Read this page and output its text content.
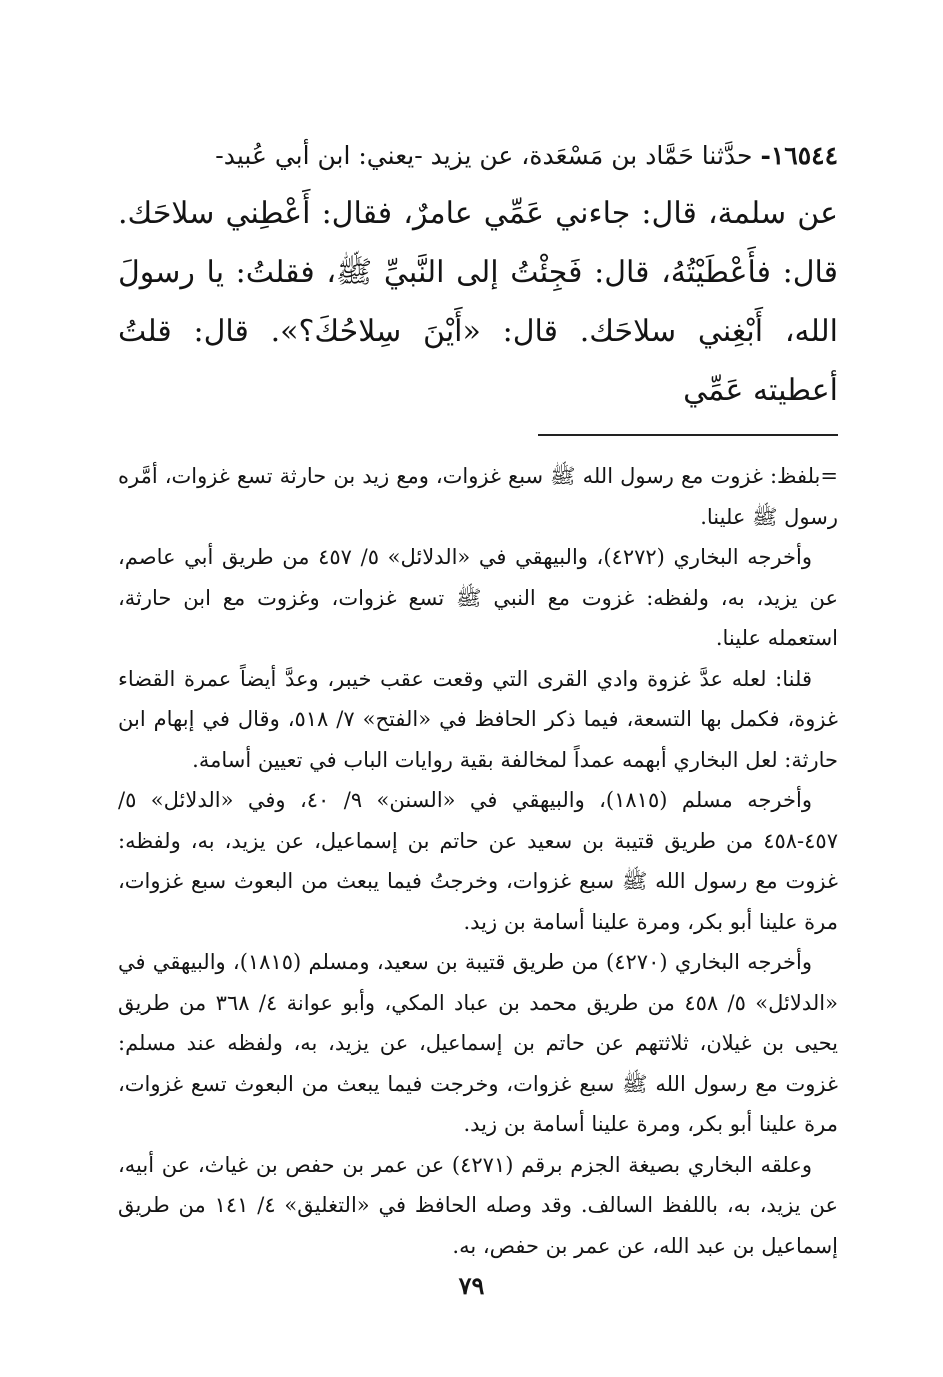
١٦٥٤٤- حدَّثنا حَمَّاد بن مَسْعَدة، عن يزيد -يعني: ابن أبي عُبيد-
عن سلمة، قال: جاءني عَمِّي عامرٌ، فقال: أَعْطِني سلاحَك. قال: فأَعْطَيْتُهُ، قال: فَجِئْتُ إلى النَّبيِّ ﷺ، فقلتُ: يا رسولَ الله، أَبْغِني سلاحَك. قال: «أَيْنَ سِلاحُكَ؟». قال: قلتُ أعطيته عَمِّي

=بلفظ: غزوت مع رسول الله ﷺ سبع غزوات، ومع زيد بن حارثة تسع غزوات، أمَّره رسول ﷺ علينا.

وأخرجه البخاري (٤٢٧٢)، والبيهقي في «الدلائل» ٥/ ٤٥٧ من طريق أبي عاصم، عن يزيد، به، ولفظه: غزوت مع النبي ﷺ تسع غزوات، وغزوت مع ابن حارثة، استعمله علينا.

قلنا: لعله عدَّ غزوة وادي القرى التي وقعت عقب خيبر، وعدَّ أيضاً عمرة القضاء غزوة، فكمل بها التسعة، فيما ذكر الحافظ في «الفتح» ٧/ ٥١٨، وقال في إبهام ابن حارثة: لعل البخاري أبهمه عمداً لمخالفة بقية روايات الباب في تعيين أسامة.

وأخرجه مسلم (١٨١٥)، والبيهقي في «السنن» ٩/ ٤٠، وفي «الدلائل» ٥/ ٤٥٧-٤٥٨ من طريق قتيبة بن سعيد عن حاتم بن إسماعيل، عن يزيد، به، ولفظه: غزوت مع رسول الله ﷺ سبع غزوات، وخرجتُ فيما يبعث من البعوث سبع غزوات، مرة علينا أبو بكر، ومرة علينا أسامة بن زيد.

وأخرجه البخاري (٤٢٧٠) من طريق قتيبة بن سعيد، ومسلم (١٨١٥)، والبيهقي في «الدلائل» ٥/ ٤٥٨ من طريق محمد بن عباد المكي، وأبو عوانة ٤/ ٣٦٨ من طريق يحيى بن غيلان، ثلاثتهم عن حاتم بن إسماعيل، عن يزيد، به، ولفظه عند مسلم: غزوت مع رسول الله ﷺ سبع غزوات، وخرجت فيما يبعث من البعوث تسع غزوات، مرة علينا أبو بكر، ومرة علينا أسامة بن زيد.

وعلقه البخاري بصيغة الجزم برقم (٤٢٧١) عن عمر بن حفص بن غياث، عن أبيه، عن يزيد، به، باللفظ السالف. وقد وصله الحافظ في «التغليق» ٤/ ١٤١ من طريق إسماعيل بن عبد الله، عن عمر بن حفص، به.

٧٩
